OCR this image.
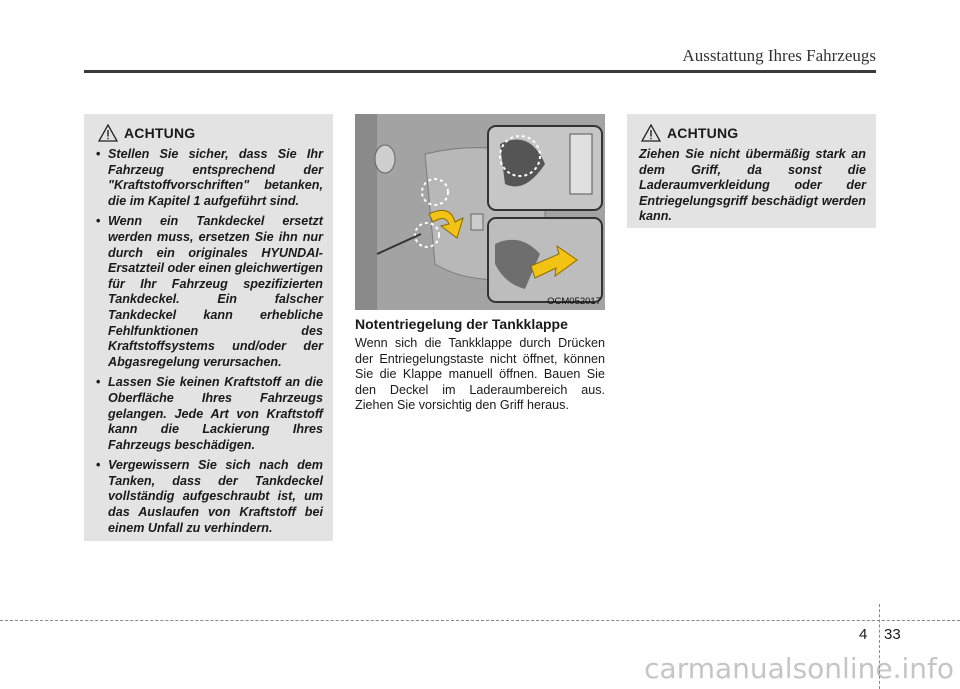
Ausstattung Ihres Fahrzeugs
ACHTUNG
• Stellen Sie sicher, dass Sie Ihr Fahrzeug entsprechend der "Kraftstoffvorschriften" betanken, die im Kapitel 1 aufgeführt sind.
• Wenn ein Tankdeckel ersetzt werden muss, ersetzen Sie ihn nur durch ein originales HYUNDAI-Ersatzteil oder einen gleichwertigen für Ihr Fahrzeug spezifizierten Tankdeckel. Ein falscher Tankdeckel kann erhebliche Fehlfunktionen des Kraftstoffsystems und/oder der Abgasregelung verursachen.
• Lassen Sie keinen Kraftstoff an die Oberfläche Ihres Fahrzeugs gelangen. Jede Art von Kraftstoff kann die Lackierung Ihres Fahrzeugs beschädigen.
• Vergewissern Sie sich nach dem Tanken, dass der Tankdeckel vollständig aufgeschraubt ist, um das Auslaufen von Kraftstoff bei einem Unfall zu verhindern.
OCM052017
Notentriegelung der Tankklappe

Wenn sich die Tankklappe durch Drücken der Entriegelungstaste nicht öffnet, können Sie die Klappe manuell öffnen. Bauen Sie den Deckel im Laderaumbereich aus. Ziehen Sie vorsichtig den Griff heraus.

ACHTUNG
Ziehen Sie nicht übermäßig stark an dem Griff, da sonst die Laderaumverkleidung oder der Entriegelungsgriff beschädigt werden kann.
4 33
carmanualsonline.info
